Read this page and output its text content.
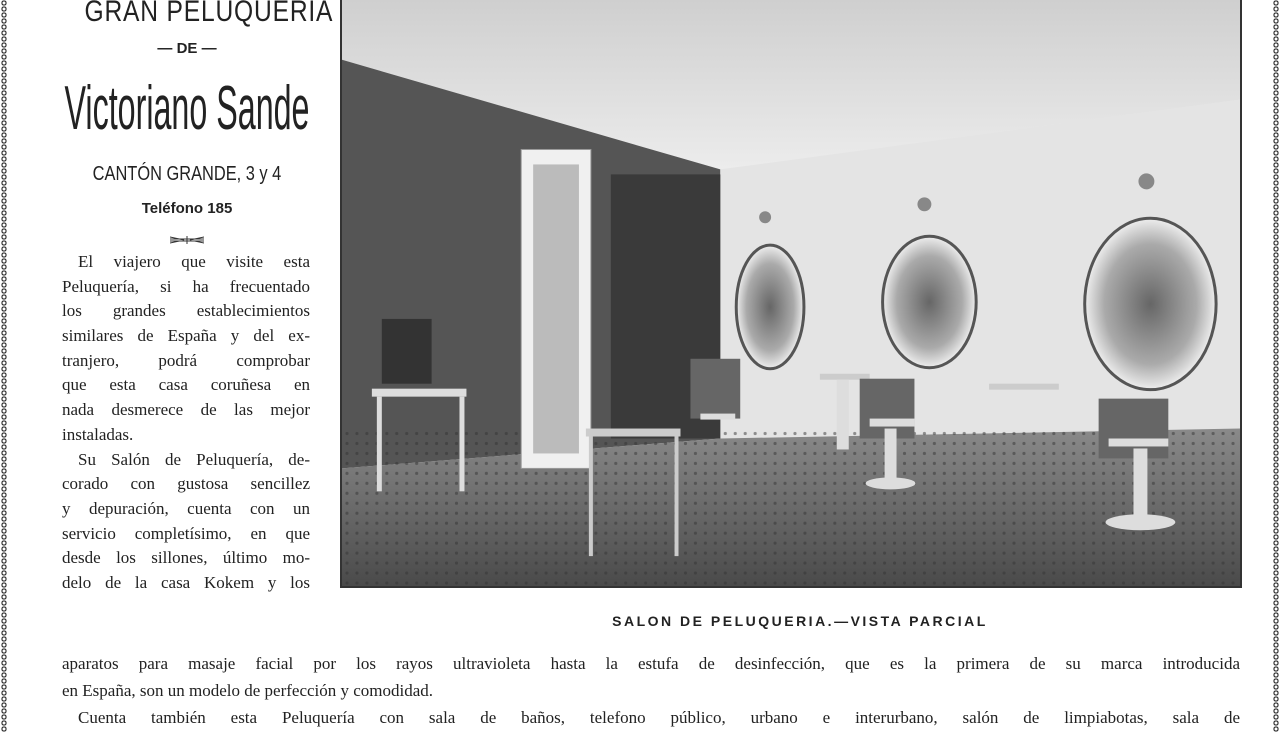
GRAN PELUQUERIA
— DE —
Victoriano Sande
CANTÓN GRANDE, 3 y 4
Teléfono 185
El viajero que visite esta
Peluquería, si ha frecuentado
los grandes establecimientos
similares de España y del ex-
tranjero, podrá comprobar
que esta casa coruñesa en
nada desmerece de las mejor
instaladas.
Su Salón de Peluquería, de-
corado con gustosa sencillez
y depuración, cuenta con un
servicio completísimo, en que
desde los sillones, último mo-
delo de la casa Kokem y los
SALON DE PELUQUERIA.—VISTA PARCIAL
aparatos para masaje facial por los rayos ultravioleta hasta la estufa de desinfección, que es la primera de su marca introducida
en España, son un modelo de perfección y comodidad.
Cuenta también esta Peluquería con sala de baños, telefono público, urbano e interurbano, salón de limpiabotas, sala de
